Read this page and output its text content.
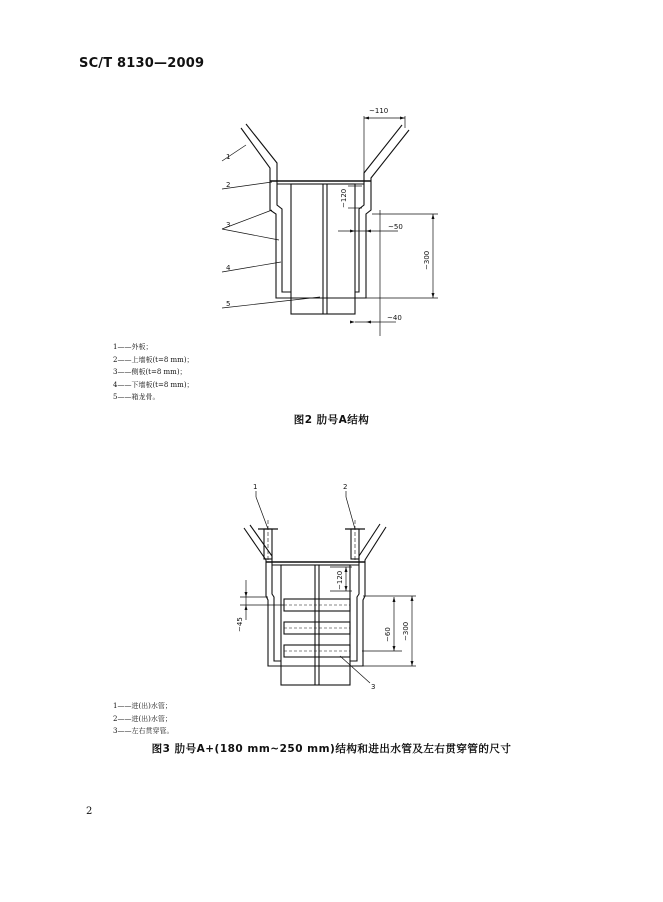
SC/T 8130—2009
1
2
3
4
5
~110
~120
~50
~300
~40
1	2
3
~120
~45
~60 ~300
1——外板；
2——上墙板(t=8 mm)；
3——侧板(t=8 mm)；
4——下墙板(t=8 mm)；
5——箱龙骨。
图2 肋号A结构
1——进(出)水管；
2——进(出)水管；
3——左右贯穿管。
图3 肋号A+(180 mm~250 mm)结构和进出水管及左右贯穿管的尺寸
2
